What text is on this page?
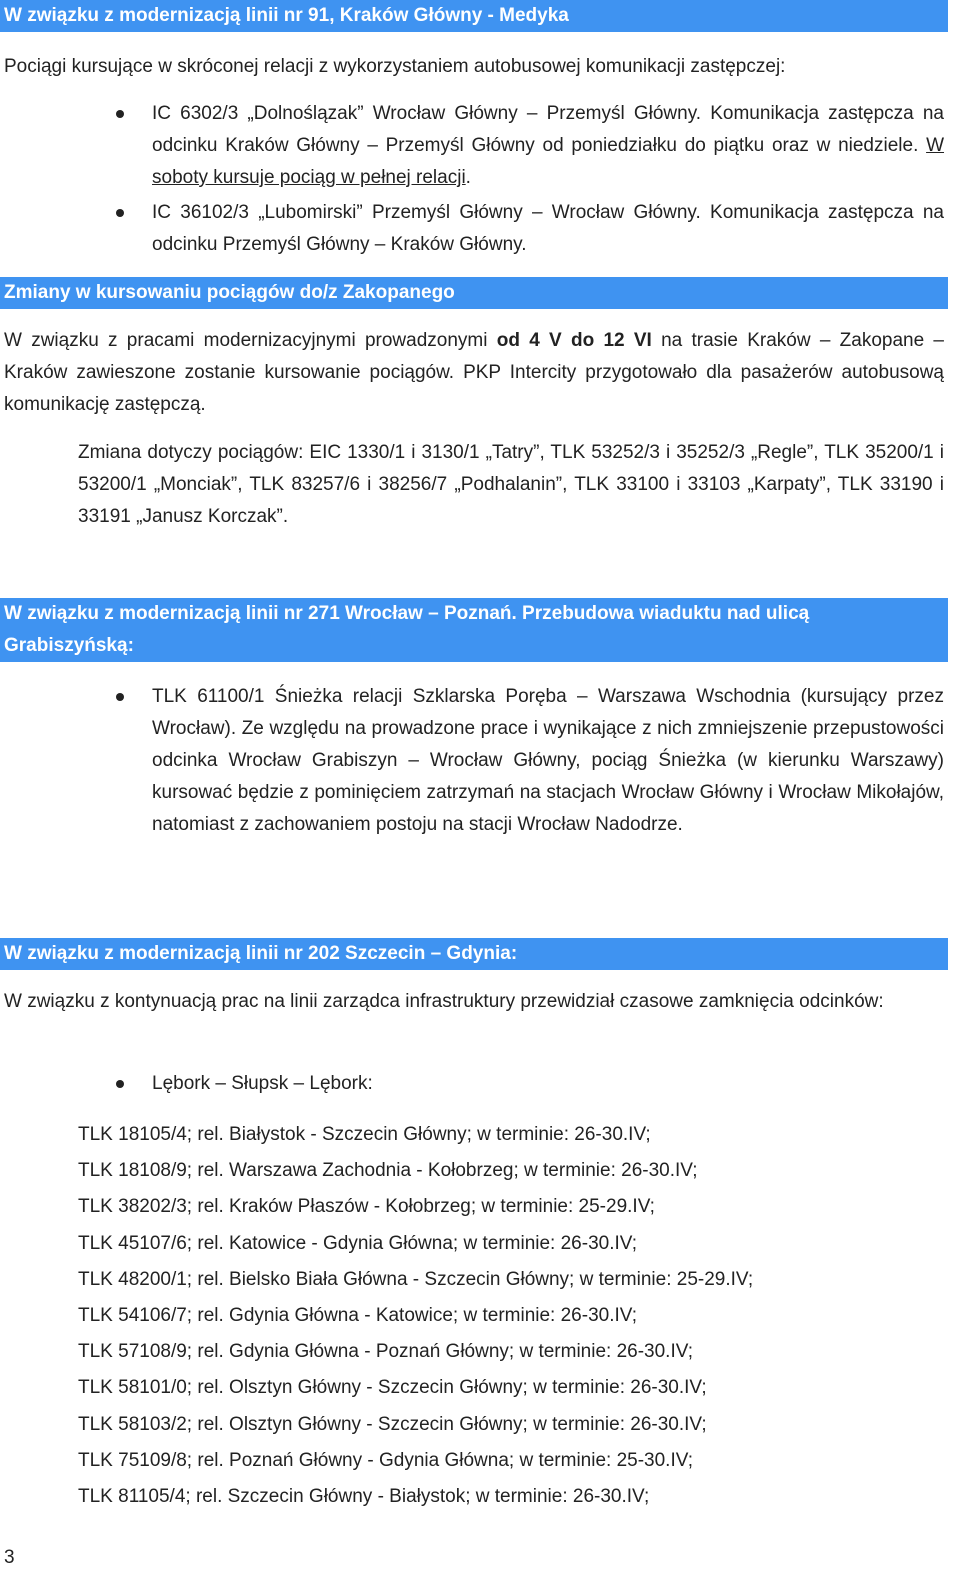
W związku z modernizacją linii nr 91, Kraków Główny - Medyka
Pociągi kursujące w skróconej relacji z wykorzystaniem autobusowej komunikacji zastępczej:
IC 6302/3 „Dolnoślązak” Wrocław Główny – Przemyśl Główny. Komunikacja zastępcza na odcinku Kraków Główny – Przemyśl Główny od poniedziałku do piątku oraz w niedziele. W soboty kursuje pociąg w pełnej relacji.
IC 36102/3 „Lubomirski” Przemyśl Główny – Wrocław Główny. Komunikacja zastępcza na odcinku Przemyśl Główny – Kraków Główny.
Zmiany w kursowaniu pociągów do/z Zakopanego
W związku z pracami modernizacyjnymi prowadzonymi od 4 V do 12 VI na trasie Kraków – Zakopane – Kraków zawieszone zostanie kursowanie pociągów. PKP Intercity przygotowało dla pasażerów autobusową komunikację zastępczą.
Zmiana dotyczy pociągów: EIC 1330/1 i 3130/1 „Tatry”, TLK 53252/3 i 35252/3 „Regle”, TLK 35200/1 i 53200/1 „Monciak”, TLK 83257/6 i 38256/7 „Podhalanin”, TLK 33100 i 33103 „Karpaty”, TLK 33190 i 33191 „Janusz Korczak”.
W związku z modernizacją linii nr 271 Wrocław – Poznań. Przebudowa wiaduktu nad ulicą Grabiszyńską:
TLK 61100/1 Śnieżka relacji Szklarska Poręba – Warszawa Wschodnia (kursujący przez Wrocław). Ze względu na prowadzone prace i wynikające z nich zmniejszenie przepustowości odcinka Wrocław Grabiszyn – Wrocław Główny, pociąg Śnieżka (w kierunku Warszawy) kursować będzie z pominięciem zatrzymań na stacjach Wrocław Główny i Wrocław Mikołajów, natomiast z zachowaniem postoju na stacji Wrocław Nadodrze.
W związku z modernizacją linii nr 202 Szczecin – Gdynia:
W związku z kontynuacją prac na linii zarządca infrastruktury przewidział czasowe zamknięcia odcinków:
Lębork – Słupsk – Lębork:
TLK 18105/4; rel. Białystok - Szczecin Główny; w terminie: 26-30.IV;
TLK 18108/9; rel. Warszawa Zachodnia - Kołobrzeg; w terminie: 26-30.IV;
TLK 38202/3; rel. Kraków Płaszów - Kołobrzeg; w terminie: 25-29.IV;
TLK 45107/6; rel. Katowice - Gdynia Główna; w terminie: 26-30.IV;
TLK 48200/1; rel. Bielsko Biała Główna - Szczecin Główny; w terminie: 25-29.IV;
TLK 54106/7; rel. Gdynia Główna - Katowice; w terminie: 26-30.IV;
TLK 57108/9; rel. Gdynia Główna - Poznań Główny; w terminie: 26-30.IV;
TLK 58101/0; rel. Olsztyn Główny - Szczecin Główny; w terminie: 26-30.IV;
TLK 58103/2; rel. Olsztyn Główny - Szczecin Główny; w terminie: 26-30.IV;
TLK 75109/8; rel. Poznań Główny - Gdynia Główna; w terminie: 25-30.IV;
TLK 81105/4; rel. Szczecin Główny - Białystok; w terminie: 26-30.IV;
3
